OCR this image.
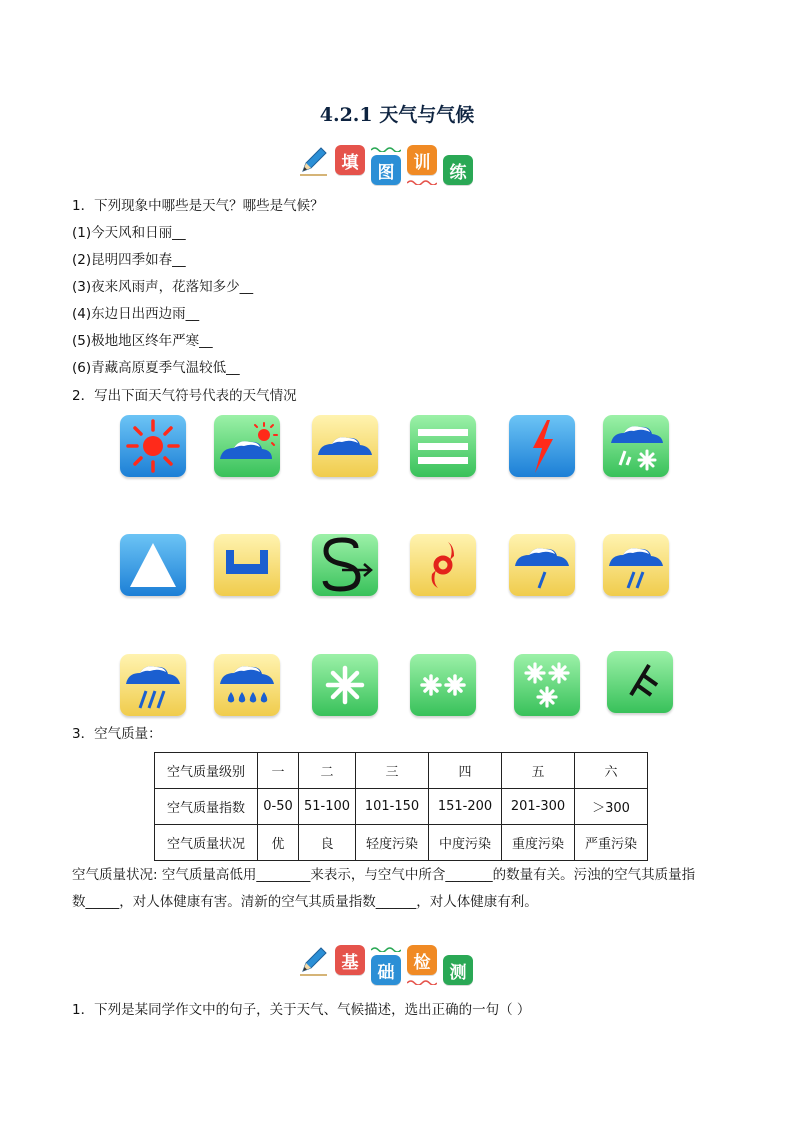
4.2.1 天气与气候
填	图 训	练
1．下列现象中哪些是天气？哪些是气候？
(1)今天风和日丽__
(2)昆明四季如春__
(3)夜来风雨声，花落知多少__
(4)东边日出西边雨__
(5)极地地区终年严寒__
(6)青藏高原夏季气温较低__
2．写出下面天气符号代表的天气情况
3．空气质量：
空气质量级别	一	二	三	四	五	六
空气质量指数	0-50	51-100	101-150	151-200	201-300	＞300
空气质量状况	优	良	轻度污染	中度污染	重度污染	严重污染
空气质量状况: 空气质量高低用________来表示，与空气中所含_______的数量有关。污浊的空气其质量指
数_____，对人体健康有害。清新的空气其质量指数______，对人体健康有利。
基	础 检	测
1．下列是某同学作文中的句子，关于天气、气候描述，选出正确的一句（ ）
